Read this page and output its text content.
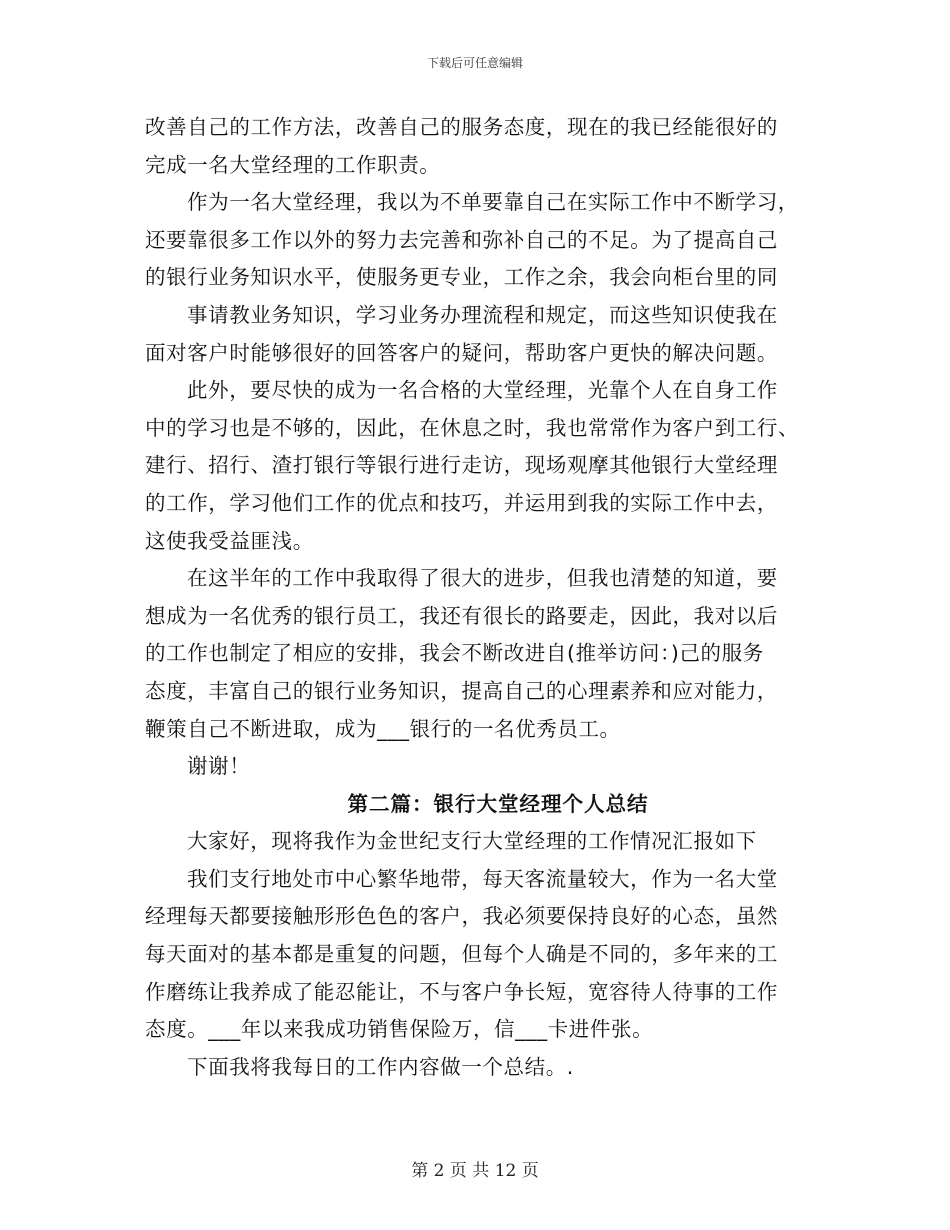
下载后可任意编辑
改善自己的工作方法，改善自己的服务态度，现在的我已经能很好的
完成一名大堂经理的工作职责。
作为一名大堂经理，我以为不单要靠自己在实际工作中不断学习，
还要靠很多工作以外的努力去完善和弥补自己的不足。为了提高自己
的银行业务知识水平，使服务更专业，工作之余，我会向柜台里的同
事请教业务知识，学习业务办理流程和规定，而这些知识使我在
面对客户时能够很好的回答客户的疑问，帮助客户更快的解决问题。
此外，要尽快的成为一名合格的大堂经理，光靠个人在自身工作
中的学习也是不够的，因此，在休息之时，我也常常作为客户到工行、
建行、招行、渣打银行等银行进行走访，现场观摩其他银行大堂经理
的工作，学习他们工作的优点和技巧，并运用到我的实际工作中去，
这使我受益匪浅。
在这半年的工作中我取得了很大的进步，但我也清楚的知道，要
想成为一名优秀的银行员工，我还有很长的路要走，因此，我对以后
的工作也制定了相应的安排，我会不断改进自(推举访问：)己的服务
态度，丰富自己的银行业务知识，提高自己的心理素养和应对能力，
鞭策自己不断进取，成为___银行的一名优秀员工。
谢谢！
第二篇：银行大堂经理个人总结
大家好，现将我作为金世纪支行大堂经理的工作情况汇报如下
我们支行地处市中心繁华地带，每天客流量较大，作为一名大堂
经理每天都要接触形形色色的客户，我必须要保持良好的心态，虽然
每天面对的基本都是重复的问题，但每个人确是不同的，多年来的工
作磨练让我养成了能忍能让，不与客户争长短，宽容待人待事的工作
态度。___年以来我成功销售保险万，信___卡进件张。
下面我将我每日的工作内容做一个总结。.
第 2 页 共 12 页
